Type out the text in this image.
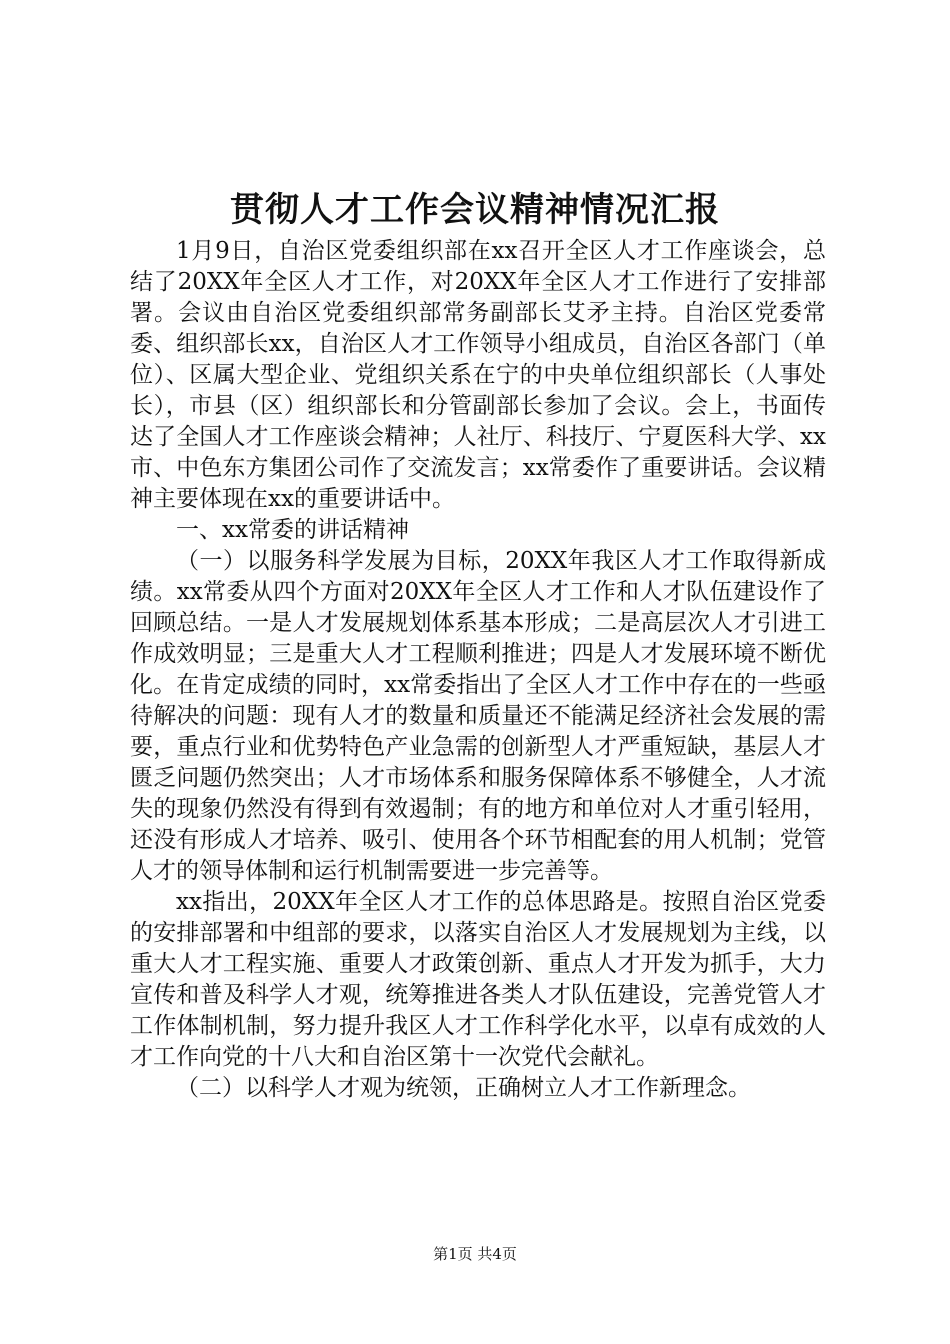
贯彻人才工作会议精神情况汇报

1月9日，自治区党委组织部在xx召开全区人才工作座谈会，总结了20XX年全区人才工作，对20XX年全区人才工作进行了安排部署。会议由自治区党委组织部常务副部长艾矛主持。自治区党委常委、组织部长xx，自治区人才工作领导小组成员，自治区各部门（单位）、区属大型企业、党组织关系在宁的中央单位组织部长（人事处长），市县（区）组织部长和分管副部长参加了会议。会上，书面传达了全国人才工作座谈会精神；人社厅、科技厅、宁夏医科大学、xx市、中色东方集团公司作了交流发言；xx常委作了重要讲话。会议精神主要体现在xx的重要讲话中。

一、xx常委的讲话精神

（一）以服务科学发展为目标，20XX年我区人才工作取得新成绩。xx常委从四个方面对20XX年全区人才工作和人才队伍建设作了回顾总结。一是人才发展规划体系基本形成；二是高层次人才引进工作成效明显；三是重大人才工程顺利推进；四是人才发展环境不断优化。在肯定成绩的同时，xx常委指出了全区人才工作中存在的一些亟待解决的问题：现有人才的数量和质量还不能满足经济社会发展的需要，重点行业和优势特色产业急需的创新型人才严重短缺，基层人才匮乏问题仍然突出；人才市场体系和服务保障体系不够健全，人才流失的现象仍然没有得到有效遏制；有的地方和单位对人才重引轻用，还没有形成人才培养、吸引、使用各个环节相配套的用人机制；党管人才的领导体制和运行机制需要进一步完善等。

xx指出，20XX年全区人才工作的总体思路是。按照自治区党委的安排部署和中组部的要求，以落实自治区人才发展规划为主线，以重大人才工程实施、重要人才政策创新、重点人才开发为抓手，大力宣传和普及科学人才观，统筹推进各类人才队伍建设，完善党管人才工作体制机制，努力提升我区人才工作科学化水平，以卓有成效的人才工作向党的十八大和自治区第十一次党代会献礼。

（二）以科学人才观为统领，正确树立人才工作新理念。

第1页 共4页
